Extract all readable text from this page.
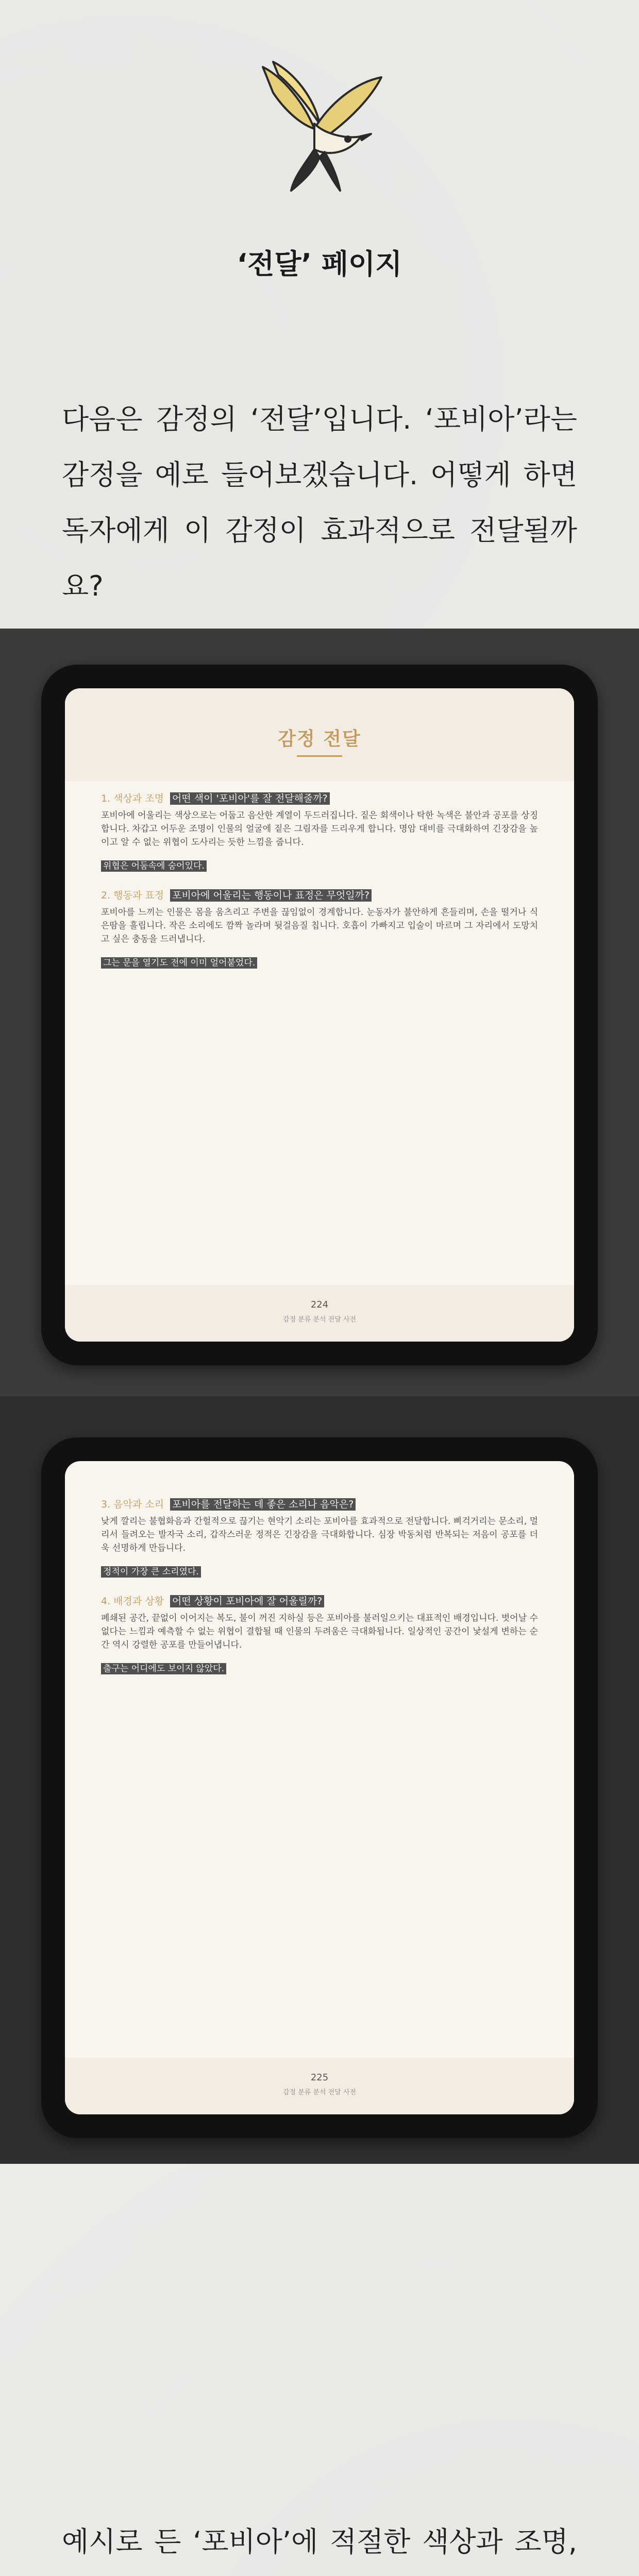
‘전달’ 페이지
다음은 감정의 ‘전달’입니다. ‘포비아’라는 감정을 예로 들어보겠습니다. 어떻게 하면 독자에게 이 감정이 효과적으로 전달될까요?
감정 전달
1. 색상과 조명 어떤 색이 '포비아'를 잘 전달해줄까?
포비아에 어울리는 색상으로는 어둡고 음산한 계열이 두드러집니다. 짙은 회색이나 탁한 녹색은 불안과 공포를 상징합니다. 차갑고 어두운 조명이 인물의 얼굴에 짙은 그림자를 드리우게 합니다. 명암 대비를 극대화하여 긴장감을 높이고 알 수 없는 위협이 도사리는 듯한 느낌을 줍니다.
위협은 어둠속에 숨어있다.
2. 행동과 표정 포비아에 어울리는 행동이나 표정은 무엇일까?
포비아를 느끼는 인물은 몸을 움츠리고 주변을 끊임없이 경계합니다. 눈동자가 불안하게 흔들리며, 손을 떨거나 식은땀을 흘립니다. 작은 소리에도 깜짝 놀라며 뒷걸음질 칩니다. 호흡이 가빠지고 입술이 마르며 그 자리에서 도망치고 싶은 충동을 드러냅니다.
그는 문을 열기도 전에 이미 얼어붙었다.
224
감정 분류 분석 전달 사전
3. 음악과 소리 포비아를 전달하는 데 좋은 소리나 음악은?
낮게 깔리는 불협화음과 간헐적으로 끊기는 현악기 소리는 포비아를 효과적으로 전달합니다. 삐걱거리는 문소리, 멀리서 들려오는 발자국 소리, 갑작스러운 정적은 긴장감을 극대화합니다. 심장 박동처럼 반복되는 저음이 공포를 더욱 선명하게 만듭니다.
정적이 가장 큰 소리였다.
4. 배경과 상황 어떤 상황이 포비아에 잘 어울릴까?
폐쇄된 공간, 끝없이 이어지는 복도, 불이 꺼진 지하실 등은 포비아를 불러일으키는 대표적인 배경입니다. 벗어날 수 없다는 느낌과 예측할 수 없는 위협이 결합될 때 인물의 두려움은 극대화됩니다. 일상적인 공간이 낯설게 변하는 순간 역시 강렬한 공포를 만들어냅니다.
출구는 어디에도 보이지 않았다.
225
감정 분류 분석 전달 사전
예시로 든 ‘포비아’에 적절한 색상과 조명,
